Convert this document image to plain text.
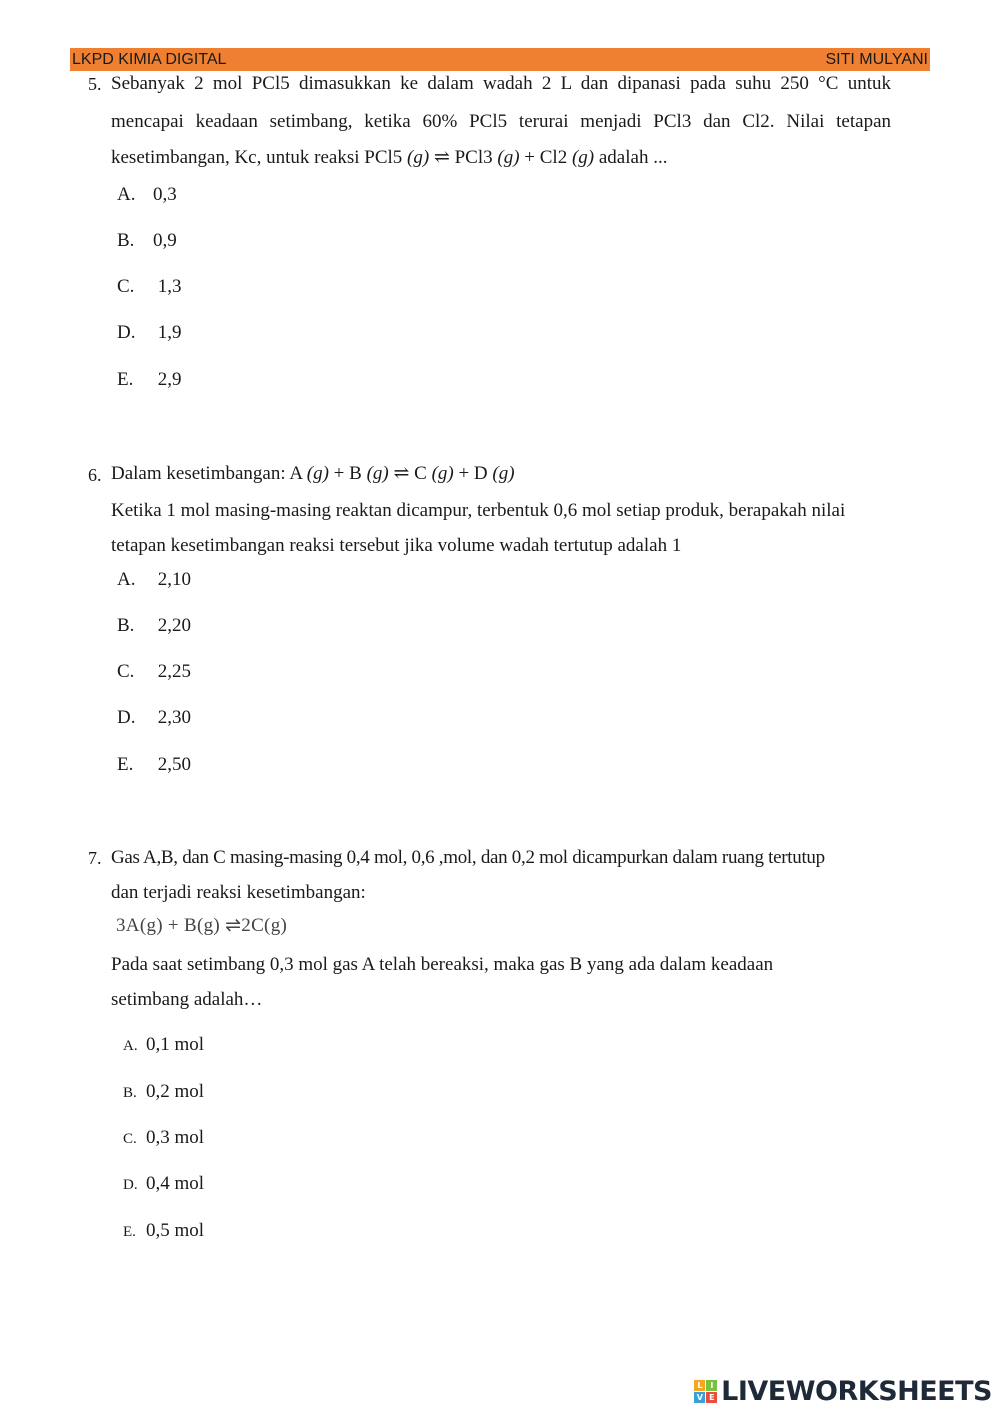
LKPD KIMIA DIGITAL	SITI MULYANI
5. Sebanyak 2 mol PCl5 dimasukkan ke dalam wadah 2 L dan dipanasi pada suhu 250 °C untuk
mencapai keadaan setimbang, ketika 60% PCl5 terurai menjadi PCl3 dan Cl2. Nilai tetapan
kesetimbangan, Kc, untuk reaksi PCl5 (g) ⇌ PCl3 (g) + Cl2 (g) adalah ...
A. 0,3
B. 0,9
C. 1,3
D. 1,9
E. 2,9
6. Dalam kesetimbangan: A (g) + B (g) ⇌ C (g) + D (g)
Ketika 1 mol masing-masing reaktan dicampur, terbentuk 0,6 mol setiap produk, berapakah nilai
tetapan kesetimbangan reaksi tersebut jika volume wadah tertutup adalah 1
A. 2,10
B. 2,20
C. 2,25
D. 2,30
E. 2,50
7. Gas A,B, dan C masing-masing 0,4 mol, 0,6 ,mol, dan 0,2 mol dicampurkan dalam ruang tertutup
dan terjadi reaksi kesetimbangan:
3A(g) + B(g) ⇌2C(g)
Pada saat setimbang 0,3 mol gas A telah bereaksi, maka gas B yang ada dalam keadaan
setimbang adalah…
A. 0,1 mol
B. 0,2 mol
C. 0,3 mol
D. 0,4 mol
E. 0,5 mol
L	I
V E LIVEWORKSHEETS
